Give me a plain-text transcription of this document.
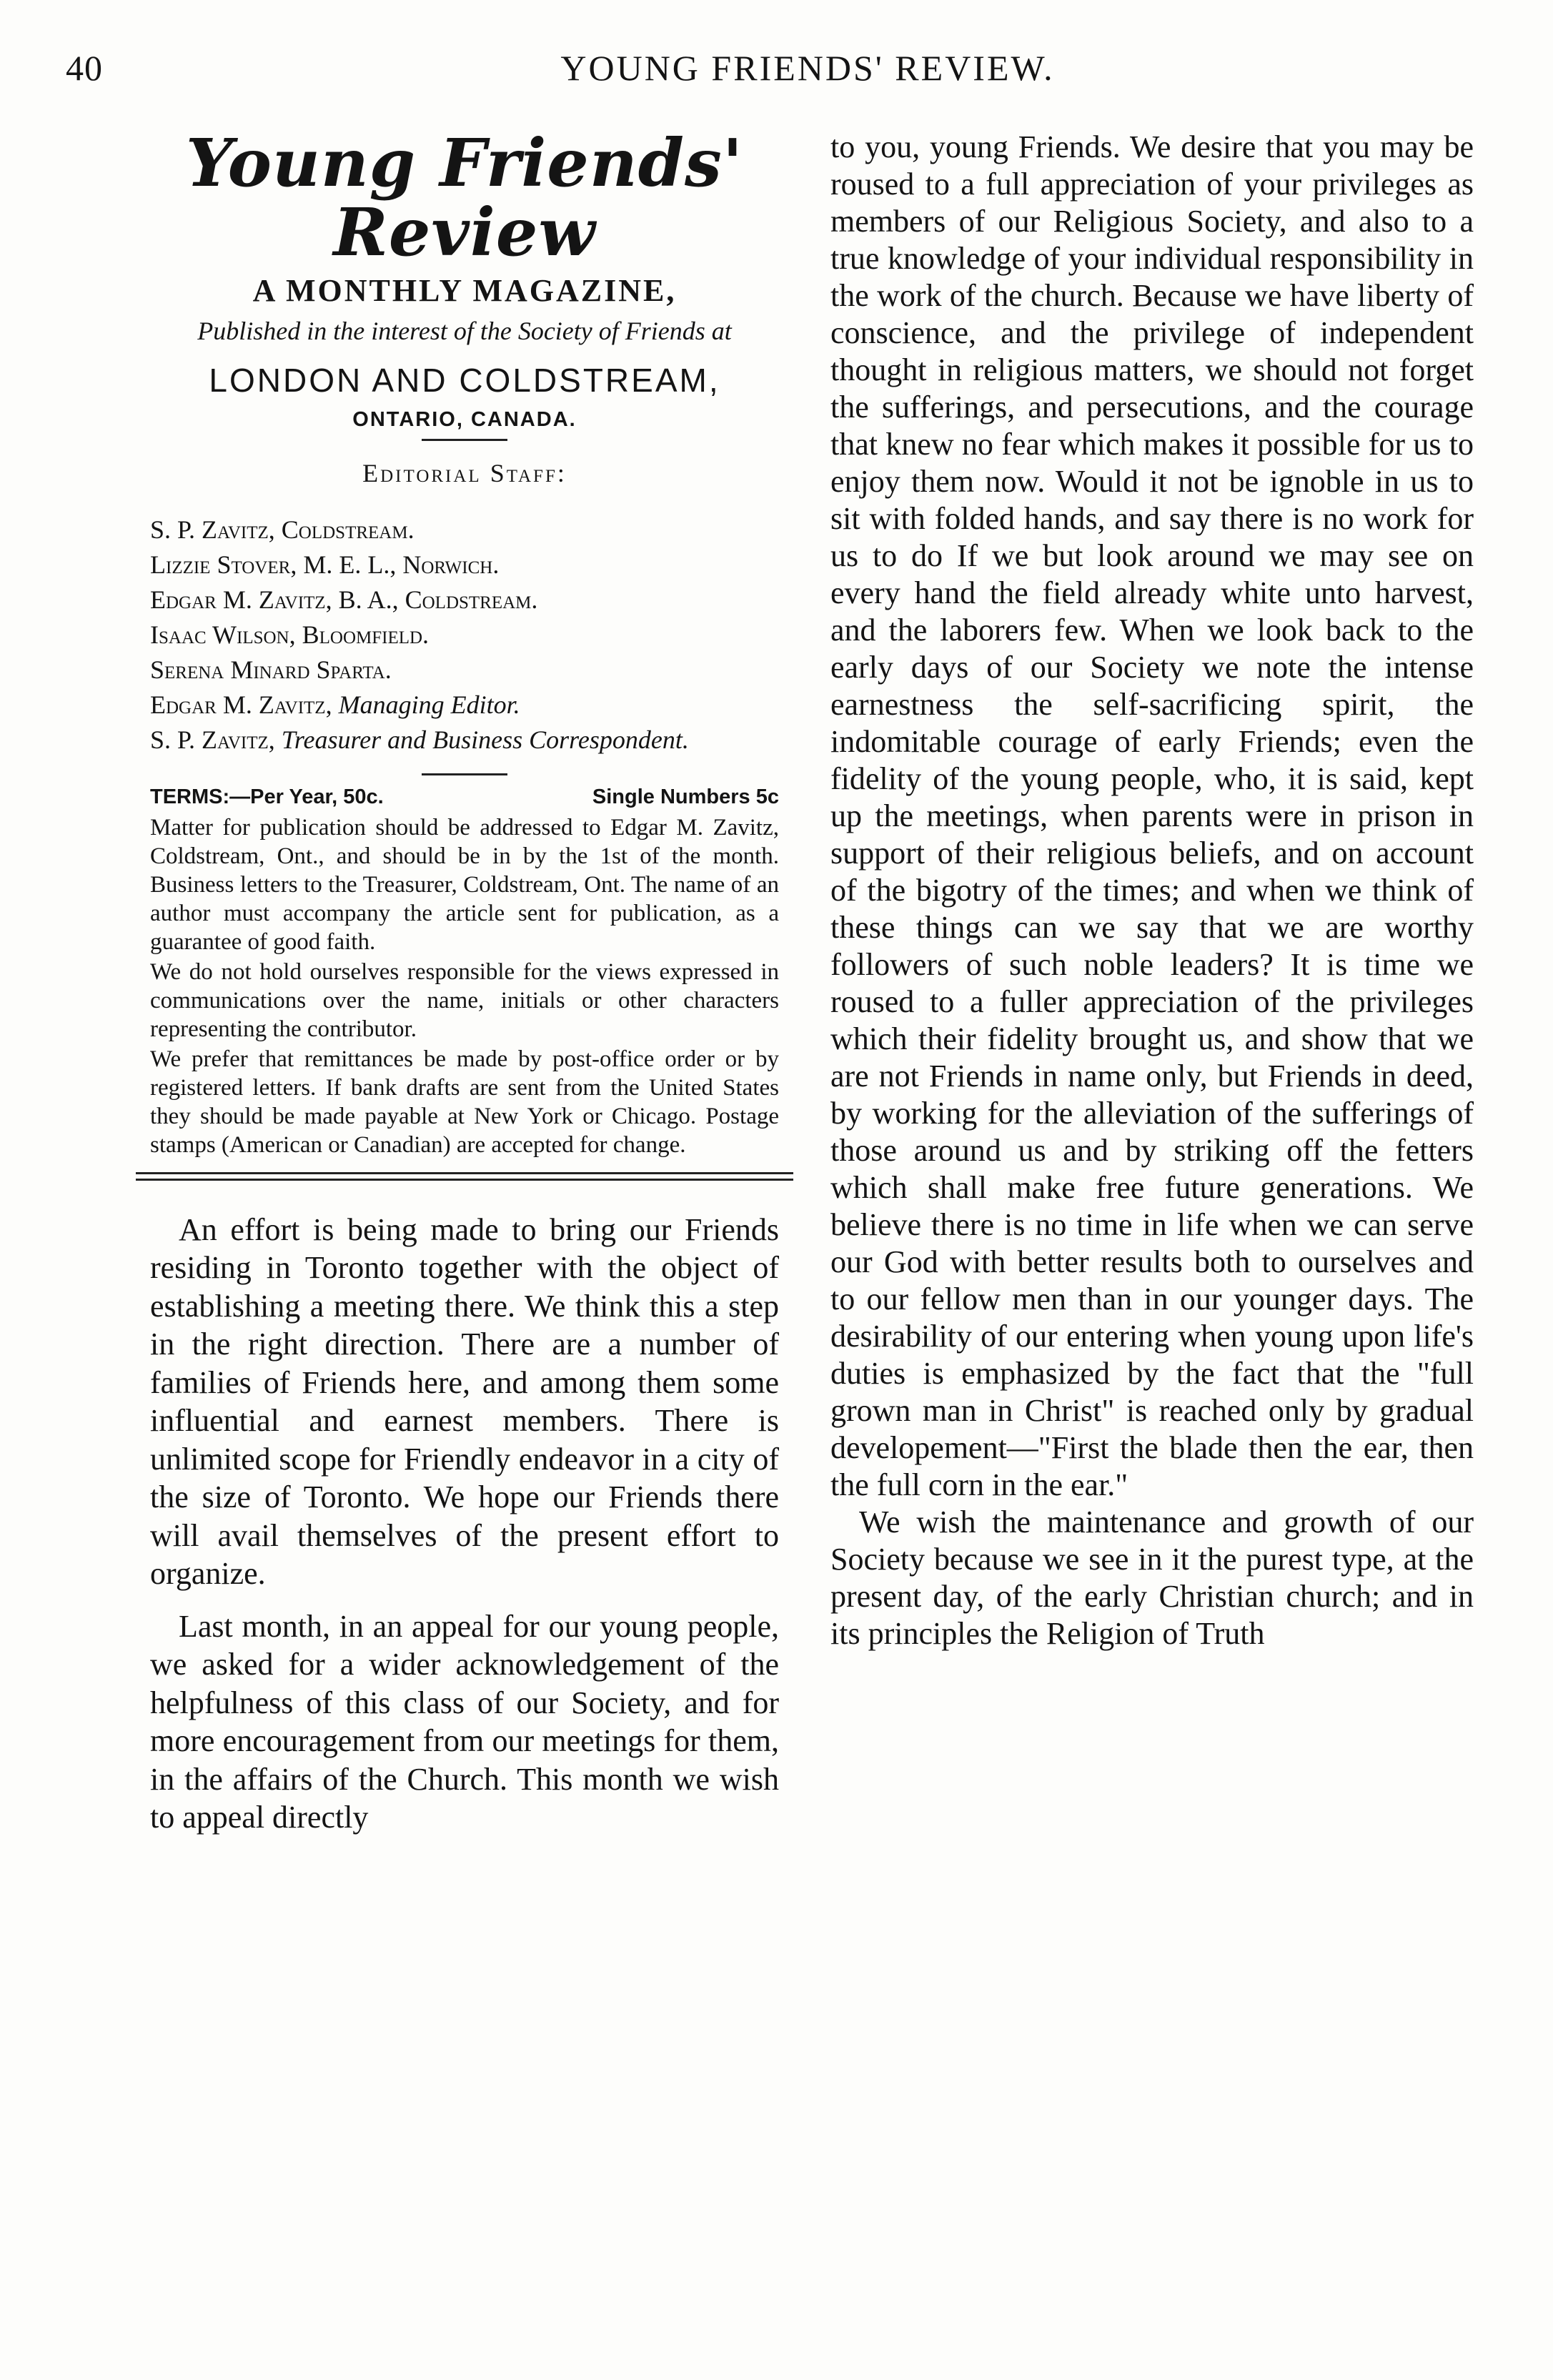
40	YOUNG FRIENDS' REVIEW.
Young Friends' Review
A MONTHLY MAGAZINE,
Published in the interest of the Society of Friends at
LONDON AND COLDSTREAM,
ONTARIO, CANADA.
Editorial Staff:
S. P. Zavitz, Coldstream.
Lizzie Stover, M. E. L., Norwich.
Edgar M. Zavitz, B. A., Coldstream.
Isaac Wilson, Bloomfield.
Serena Minard Sparta.
Edgar M. Zavitz, Managing Editor.
S. P. Zavitz, Treasurer and Business Correspondent.
TERMS:—Per Year, 50c.	Single Numbers 5c

Matter for publication should be addressed to Edgar M. Zavitz, Coldstream, Ont., and should be in by the 1st of the month. Business letters to the Treasurer, Coldstream, Ont. The name of an author must accompany the article sent for publication, as a guarantee of good faith.

We do not hold ourselves responsible for the views expressed in communications over the name, initials or other characters representing the contributor.

We prefer that remittances be made by post-office order or by registered letters. If bank drafts are sent from the United States they should be made payable at New York or Chicago. Postage stamps (American or Canadian) are accepted for change.

An effort is being made to bring our Friends residing in Toronto together with the object of establishing a meeting there. We think this a step in the right direction. There are a number of families of Friends here, and among them some influential and earnest members. There is unlimited scope for Friendly endeavor in a city of the size of Toronto. We hope our Friends there will avail themselves of the present effort to organize.

Last month, in an appeal for our young people, we asked for a wider acknowledgement of the helpfulness of this class of our Society, and for more encouragement from our meetings for them, in the affairs of the Church. This month we wish to appeal directly

to you, young Friends. We desire that you may be roused to a full appreciation of your privileges as members of our Religious Society, and also to a true knowledge of your individual responsibility in the work of the church. Because we have liberty of conscience, and the privilege of independent thought in religious matters, we should not forget the sufferings, and persecutions, and the courage that knew no fear which makes it possible for us to enjoy them now. Would it not be ignoble in us to sit with folded hands, and say there is no work for us to do If we but look around we may see on every hand the field already white unto harvest, and the laborers few. When we look back to the early days of our Society we note the intense earnestness the self-sacrificing spirit, the indomitable courage of early Friends; even the fidelity of the young people, who, it is said, kept up the meetings, when parents were in prison in support of their religious beliefs, and on account of the bigotry of the times; and when we think of these things can we say that we are worthy followers of such noble leaders? It is time we roused to a fuller appreciation of the privileges which their fidelity brought us, and show that we are not Friends in name only, but Friends in deed, by working for the alleviation of the sufferings of those around us and by striking off the fetters which shall make free future generations. We believe there is no time in life when we can serve our God with better results both to ourselves and to our fellow men than in our younger days. The desirability of our entering when young upon life's duties is emphasized by the fact that the "full grown man in Christ" is reached only by gradual developement—"First the blade then the ear, then the full corn in the ear."

We wish the maintenance and growth of our Society because we see in it the purest type, at the present day, of the early Christian church; and in its principles the Religion of Truth
